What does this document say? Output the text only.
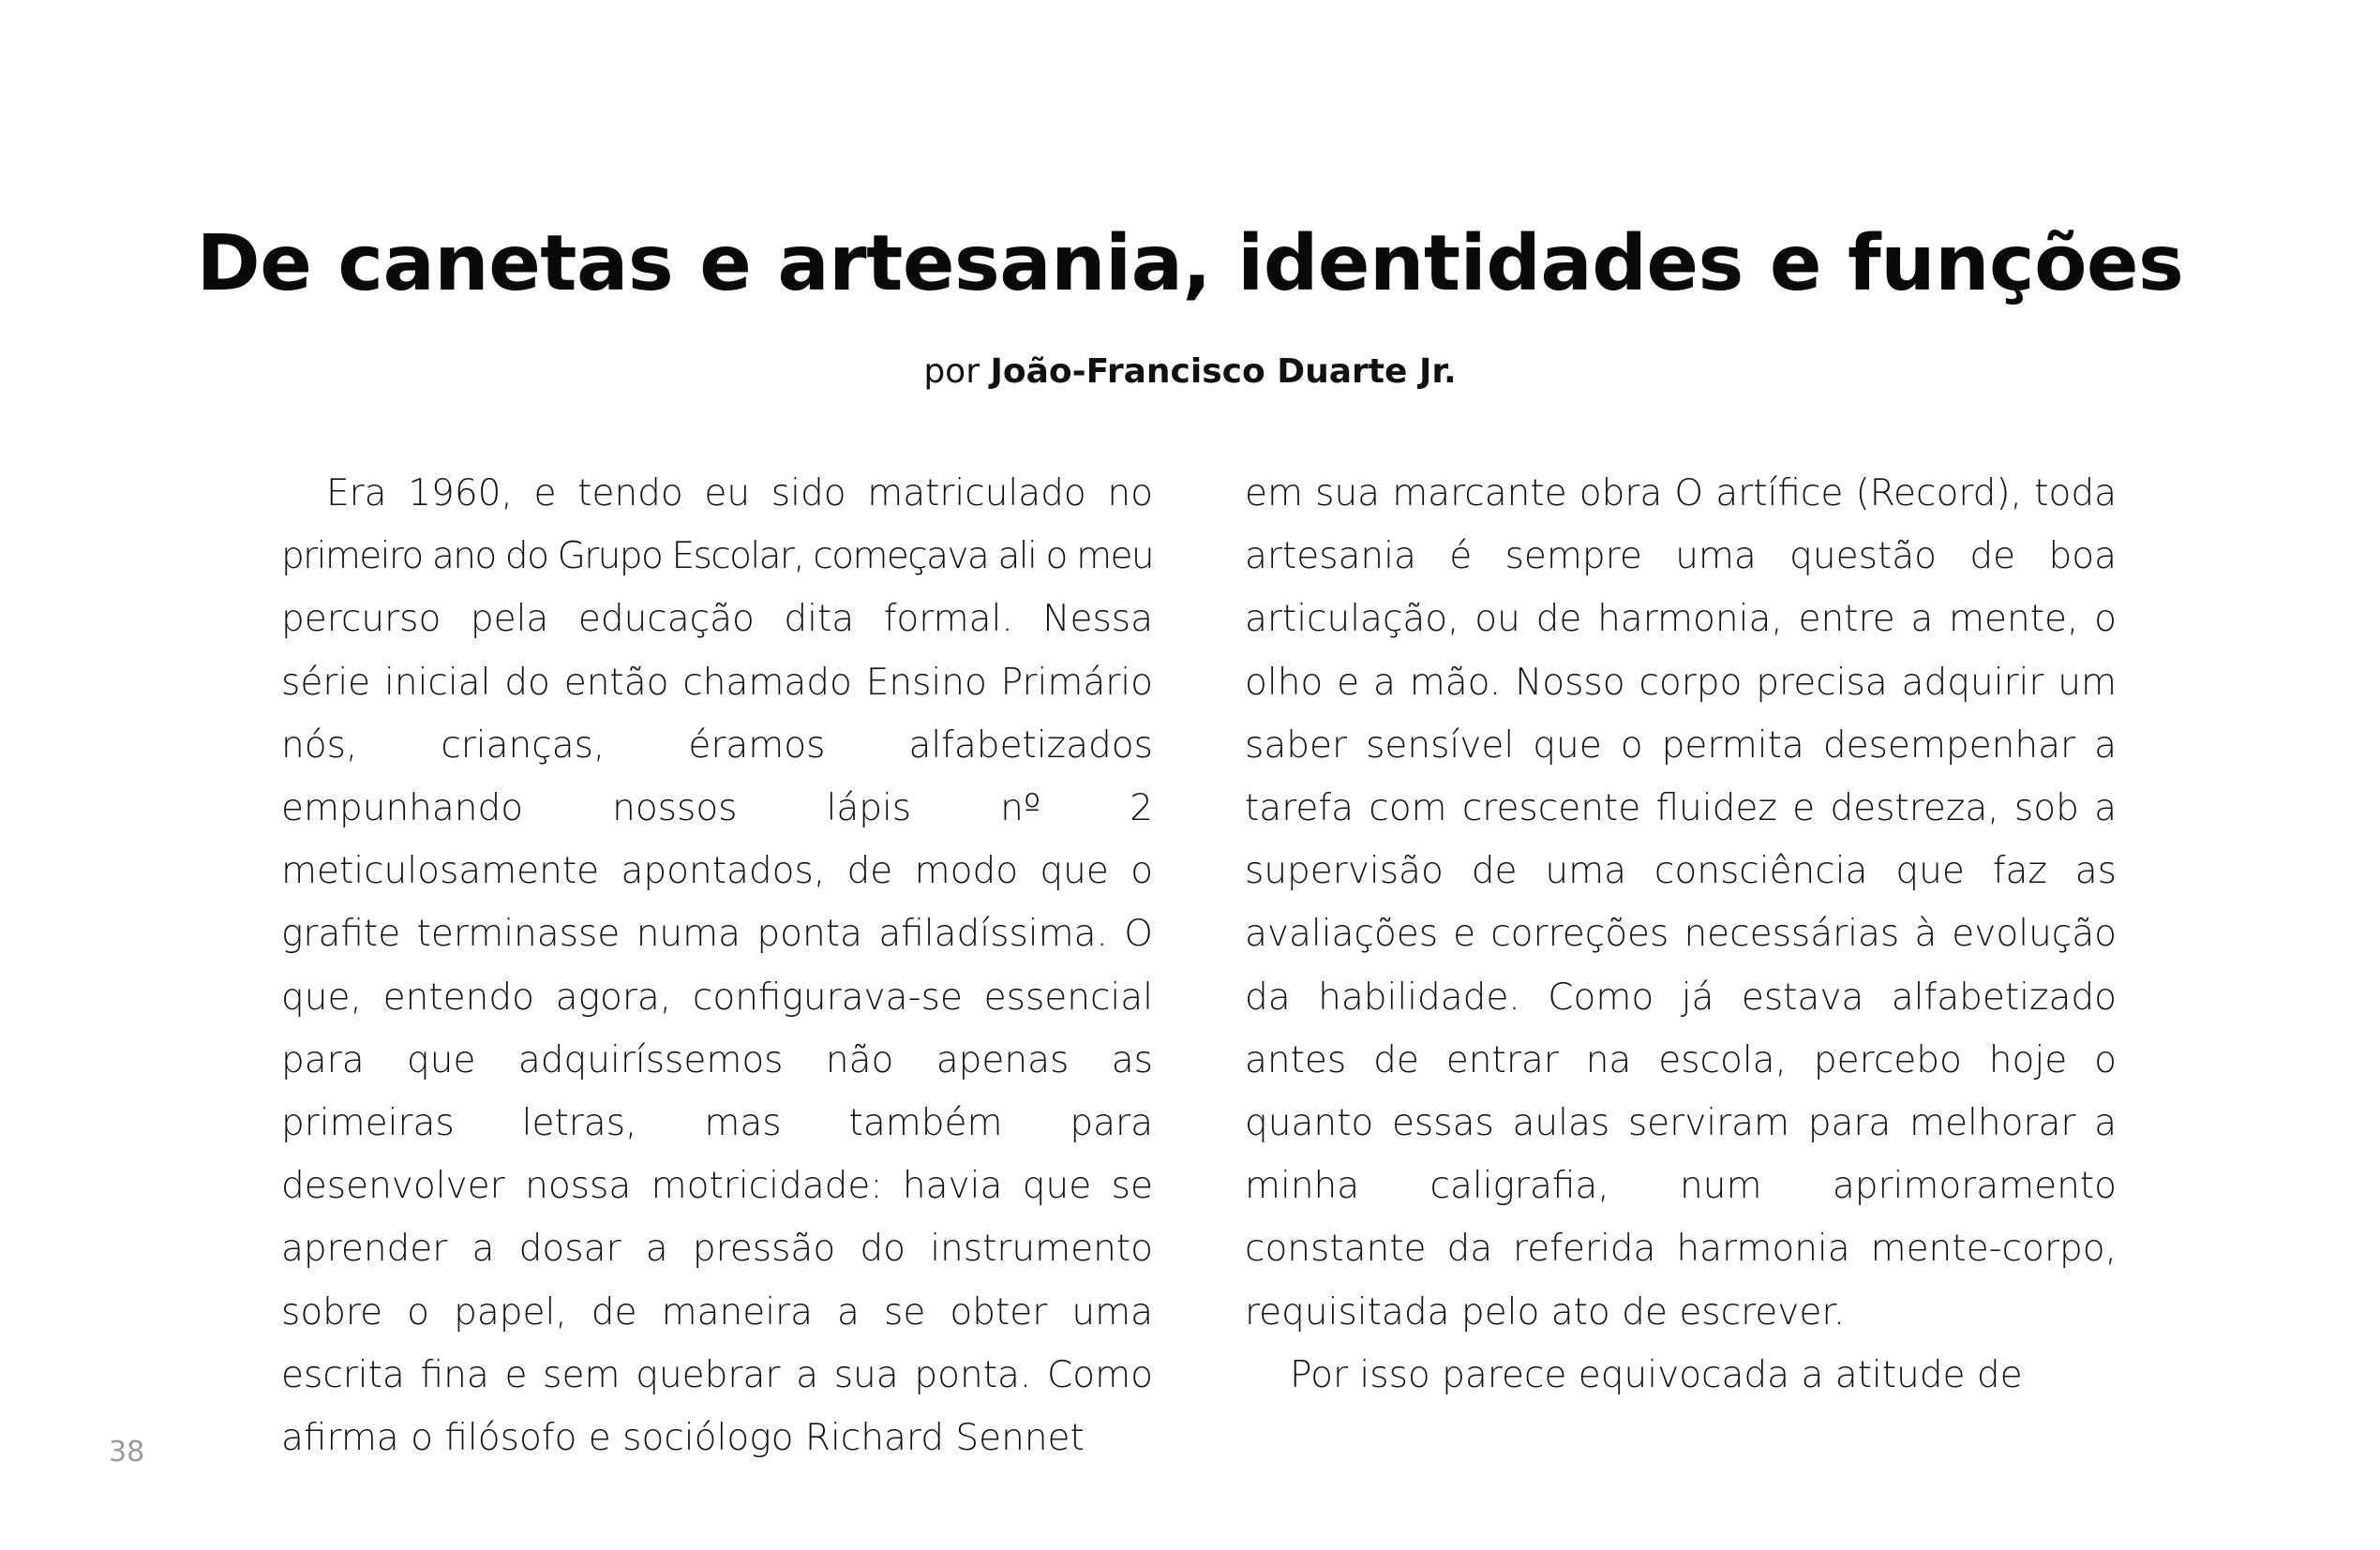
De canetas e artesania, identidades e funções
por João-Francisco Duarte Jr.

Era 1960, e tendo eu sido matriculado no primeiro ano do Grupo Escolar, começava ali o meu percurso pela educação dita formal. Nessa série inicial do então chamado Ensino Primário nós, crianças, éramos alfabetizados empunhando nossos lápis nº 2 meticulosamente apontados, de modo que o grafite terminasse numa ponta afiladíssima. O que, entendo agora, configurava-se essencial para que adquiríssemos não apenas as primeiras letras, mas também para desenvolver nossa motricidade: havia que se aprender a dosar a pressão do instrumento sobre o papel, de maneira a se obter uma escrita fina e sem quebrar a sua ponta. Como afirma o filósofo e sociólogo Richard Sennet

em sua marcante obra O artífice (Record), toda artesania é sempre uma questão de boa articulação, ou de harmonia, entre a mente, o olho e a mão. Nosso corpo precisa adquirir um saber sensível que o permita desempenhar a tarefa com crescente fluidez e destreza, sob a supervisão de uma consciência que faz as avaliações e correções necessárias à evolução da habilidade. Como já estava alfabetizado antes de entrar na escola, percebo hoje o quanto essas aulas serviram para melhorar a minha caligrafia, num aprimoramento constante da referida harmonia mente-corpo, requisitada pelo ato de escrever.

Por isso parece equivocada a atitude de

38
